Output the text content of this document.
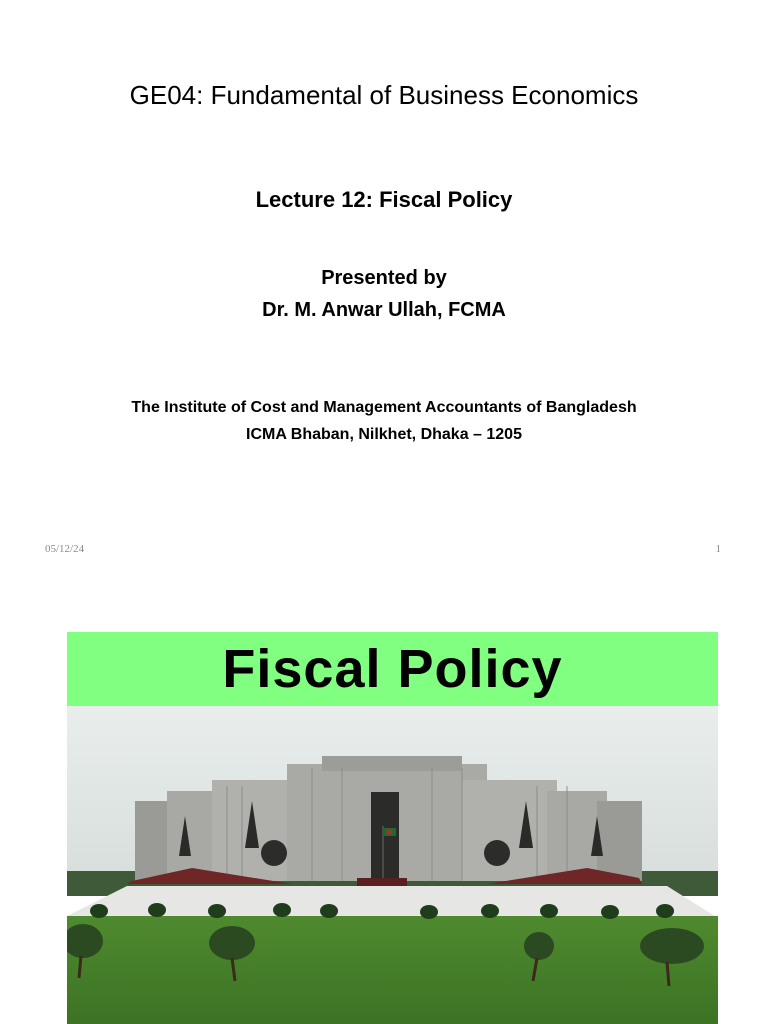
GE04: Fundamental of Business Economics
Lecture 12: Fiscal Policy
Presented by
Dr. M. Anwar Ullah, FCMA
The Institute of Cost and Management Accountants of Bangladesh
ICMA Bhaban, Nilkhet, Dhaka – 1205
05/12/24	1
Fiscal Policy
